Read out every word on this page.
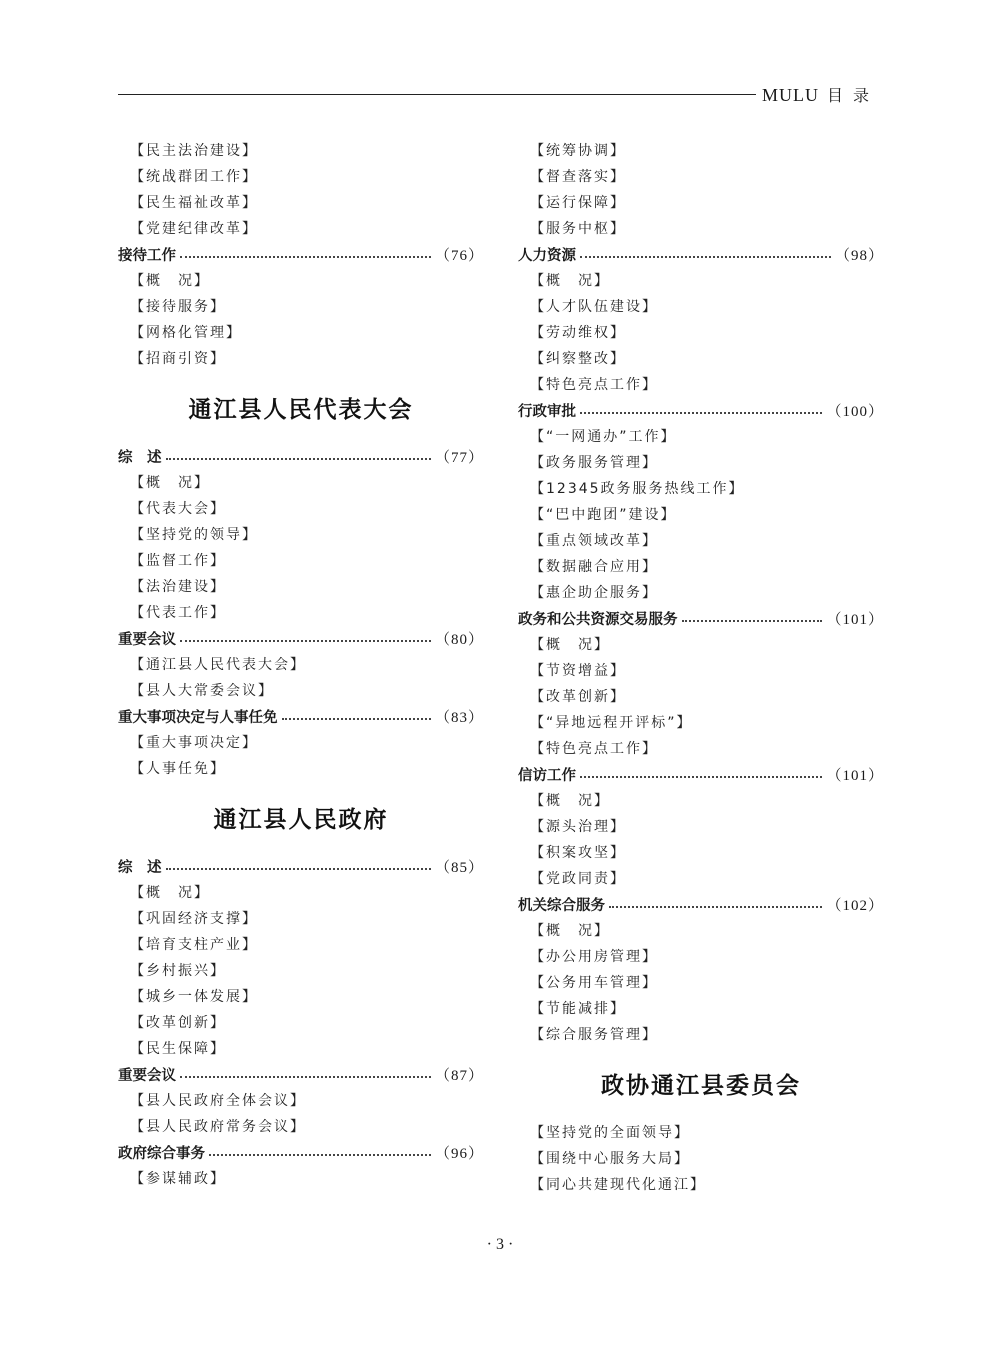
MULU 目录
【民主法治建设】
【统战群团工作】
【民生福祉改革】
【党建纪律改革】
接待工作	（76）
【概　况】
【接待服务】
【网格化管理】
【招商引资】
通江县人民代表大会
综　述	（77）
【概　况】
【代表大会】
【坚持党的领导】
【监督工作】
【法治建设】
【代表工作】
重要会议	（80）
【通江县人民代表大会】
【县人大常委会议】
重大事项决定与人事任免	（83）
【重大事项决定】
【人事任免】
通江县人民政府
综　述	（85）
【概　况】
【巩固经济支撑】
【培育支柱产业】
【乡村振兴】
【城乡一体发展】
【改革创新】
【民生保障】
重要会议	（87）
【县人民政府全体会议】
【县人民政府常务会议】
政府综合事务	（96）
【参谋辅政】
【统筹协调】
【督查落实】
【运行保障】
【服务中枢】
人力资源	（98）
【概　况】
【人才队伍建设】
【劳动维权】
【纠察整改】
【特色亮点工作】
行政审批	（100）
【“一网通办”工作】
【政务服务管理】
【12345政务服务热线工作】
【“巴中跑团”建设】
【重点领域改革】
【数据融合应用】
【惠企助企服务】
政务和公共资源交易服务	（101）
【概　况】
【节资增益】
【改革创新】
【“异地远程开评标”】
【特色亮点工作】
信访工作	（101）
【概　况】
【源头治理】
【积案攻坚】
【党政同责】
机关综合服务	（102）
【概　况】
【办公用房管理】
【公务用车管理】
【节能减排】
【综合服务管理】
政协通江县委员会
【坚持党的全面领导】
【围绕中心服务大局】
【同心共建现代化通江】
· 3 ·
